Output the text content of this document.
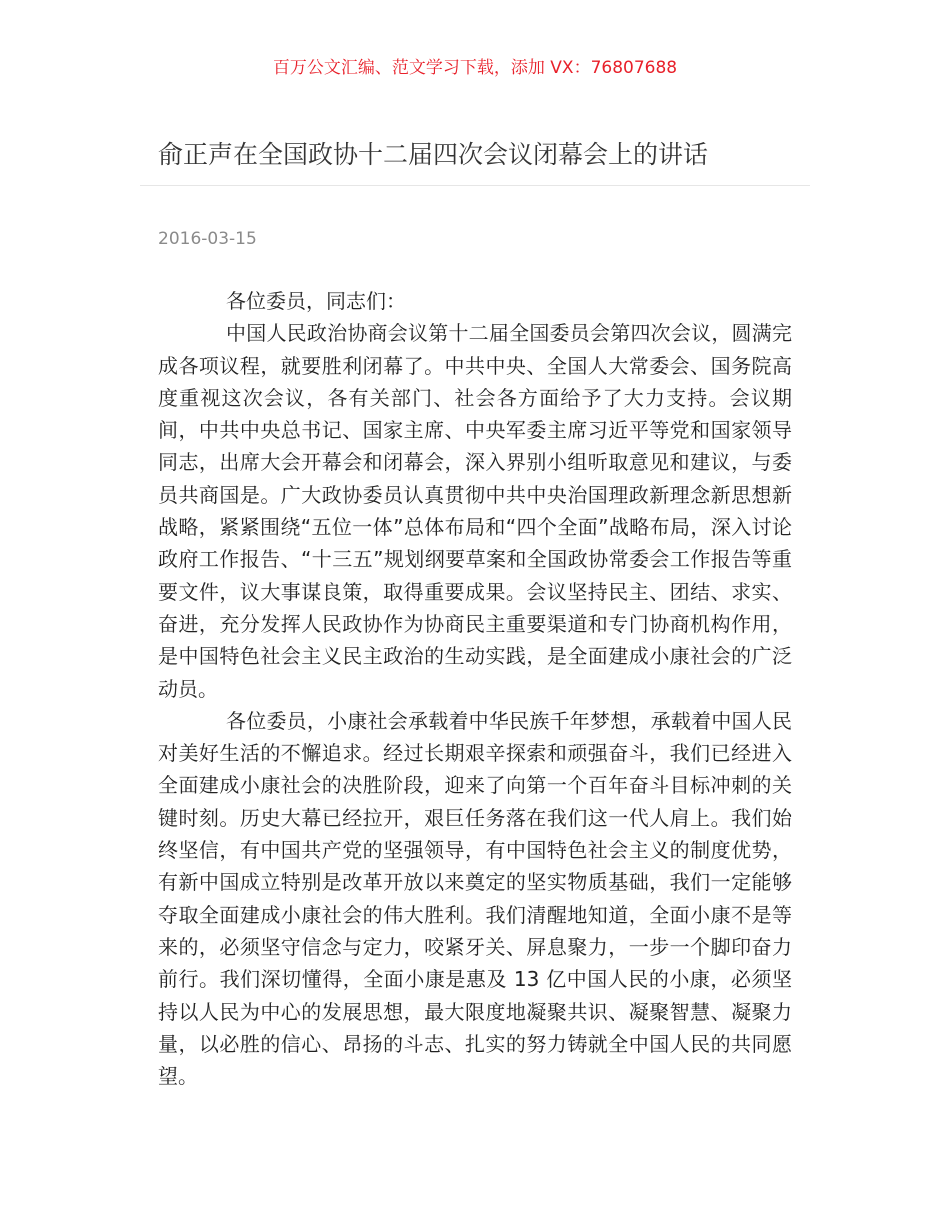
百万公文汇编、范文学习下载，添加 VX：76807688
俞正声在全国政协十二届四次会议闭幕会上的讲话
2016-03-15

各位委员，同志们：

中国人民政治协商会议第十二届全国委员会第四次会议，圆满完成各项议程，就要胜利闭幕了。中共中央、全国人大常委会、国务院高度重视这次会议，各有关部门、社会各方面给予了大力支持。会议期间，中共中央总书记、国家主席、中央军委主席习近平等党和国家领导同志，出席大会开幕会和闭幕会，深入界别小组听取意见和建议，与委员共商国是。广大政协委员认真贯彻中共中央治国理政新理念新思想新战略，紧紧围绕“五位一体”总体布局和“四个全面”战略布局，深入讨论政府工作报告、“十三五”规划纲要草案和全国政协常委会工作报告等重要文件，议大事谋良策，取得重要成果。会议坚持民主、团结、求实、奋进，充分发挥人民政协作为协商民主重要渠道和专门协商机构作用，是中国特色社会主义民主政治的生动实践，是全面建成小康社会的广泛动员。

各位委员，小康社会承载着中华民族千年梦想，承载着中国人民对美好生活的不懈追求。经过长期艰辛探索和顽强奋斗，我们已经进入全面建成小康社会的决胜阶段，迎来了向第一个百年奋斗目标冲刺的关键时刻。历史大幕已经拉开，艰巨任务落在我们这一代人肩上。我们始终坚信，有中国共产党的坚强领导，有中国特色社会主义的制度优势，有新中国成立特别是改革开放以来奠定的坚实物质基础，我们一定能够夺取全面建成小康社会的伟大胜利。我们清醒地知道，全面小康不是等来的，必须坚守信念与定力，咬紧牙关、屏息聚力，一步一个脚印奋力前行。我们深切懂得，全面小康是惠及 13 亿中国人民的小康，必须坚持以人民为中心的发展思想，最大限度地凝聚共识、凝聚智慧、凝聚力量，以必胜的信心、昂扬的斗志、扎实的努力铸就全中国人民的共同愿望。
